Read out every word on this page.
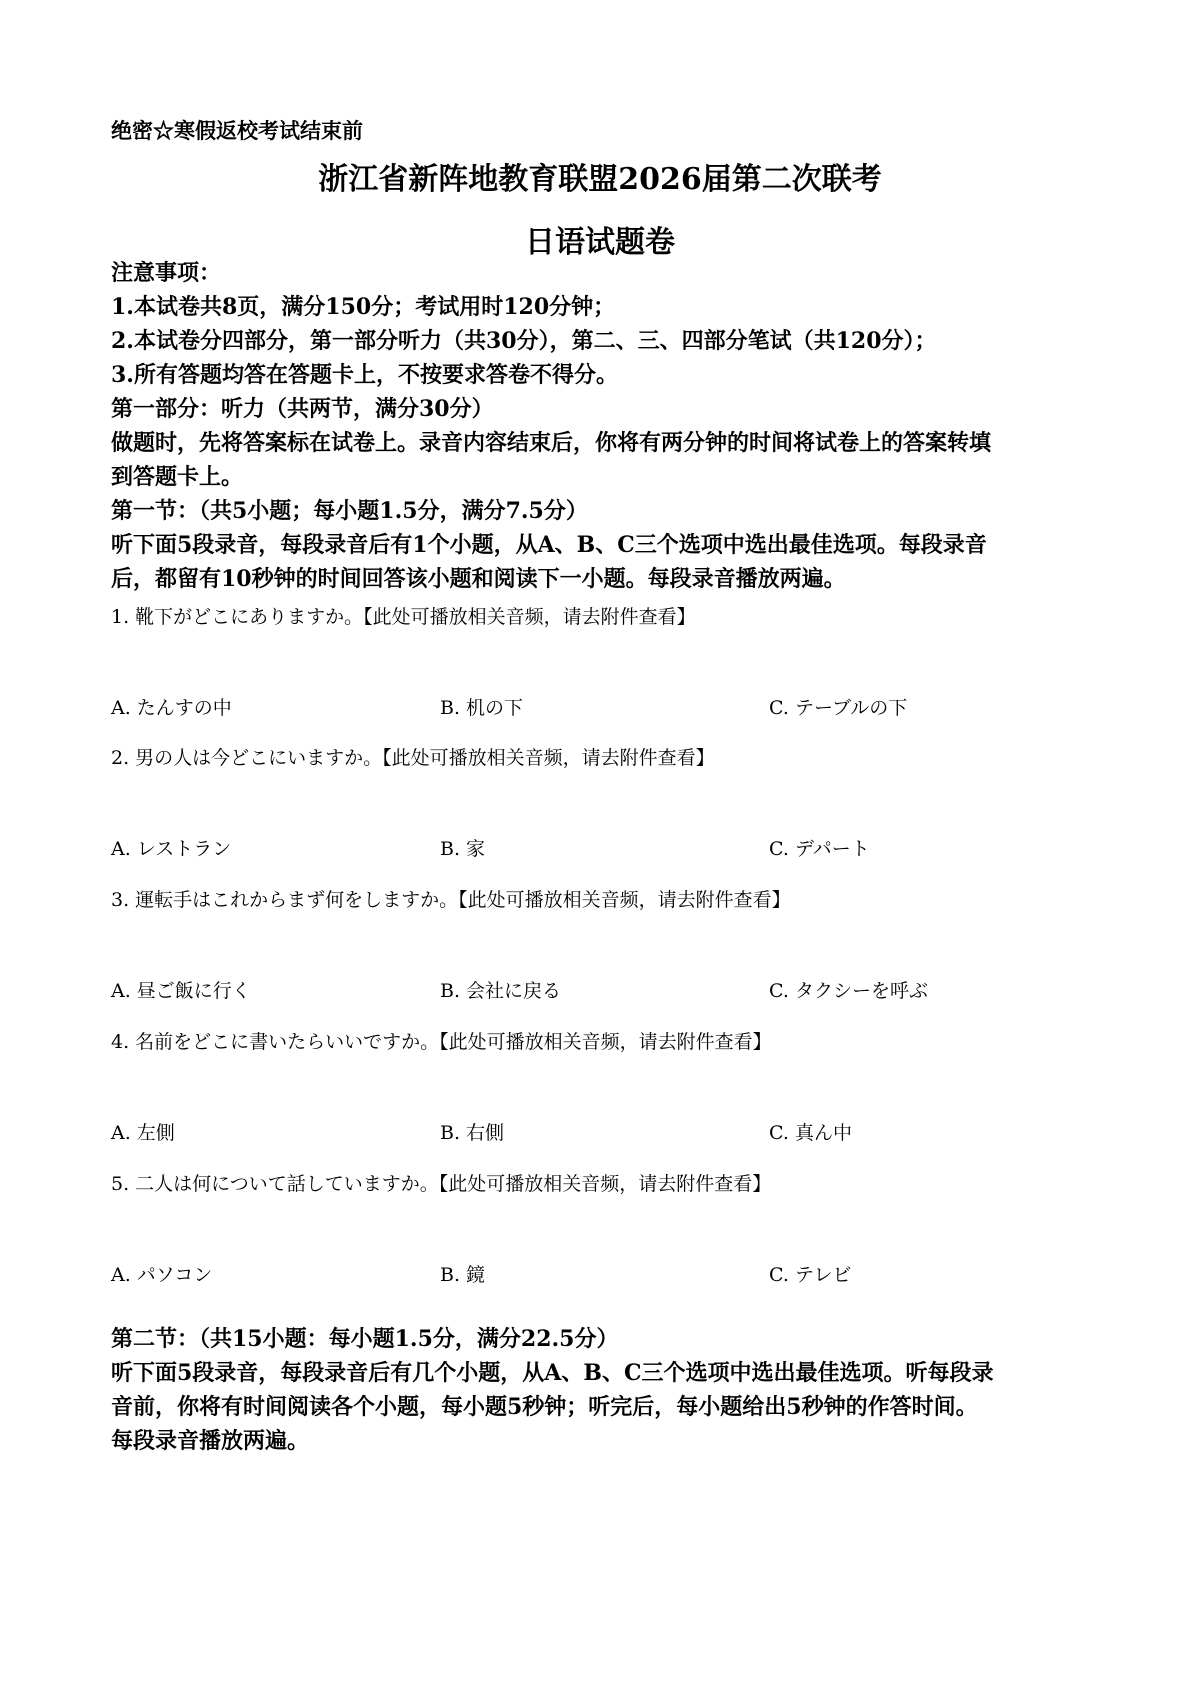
绝密☆寒假返校考试结束前
浙江省新阵地教育联盟2026届第二次联考
日语试题卷
注意事项：
1.本试卷共8页，满分150分；考试用时120分钟；
2.本试卷分四部分，第一部分听力（共30分），第二、三、四部分笔试（共120分）；
3.所有答题均答在答题卡上，不按要求答卷不得分。
第一部分：听力（共两节，满分30分）
做题时，先将答案标在试卷上。录音内容结束后，你将有两分钟的时间将试卷上的答案转填
到答题卡上。
第一节：（共5小题；每小题1.5分，满分7.5分）
听下面5段录音，每段录音后有1个小题，从A、B、C三个选项中选出最佳选项。每段录音
后，都留有10秒钟的时间回答该小题和阅读下一小题。每段录音播放两遍。
1. 靴下がどこにありますか。【此处可播放相关音频，请去附件查看】
A. たんすの中	B. 机の下	C. テーブルの下
2. 男の人は今どこにいますか。【此处可播放相关音频，请去附件查看】
A. レストラン	B. 家	C. デパート
3. 運転手はこれからまず何をしますか。【此处可播放相关音频，请去附件查看】
A. 昼ご飯に行く	B. 会社に戻る	C. タクシーを呼ぶ
4. 名前をどこに書いたらいいですか。【此处可播放相关音频，请去附件查看】
A. 左側	B. 右側	C. 真ん中
5. 二人は何について話していますか。【此处可播放相关音频，请去附件查看】
A. パソコン	B. 鏡	C. テレビ
第二节：（共15小题：每小题1.5分，满分22.5分）
听下面5段录音，每段录音后有几个小题，从A、B、C三个选项中选出最佳选项。听每段录
音前，你将有时间阅读各个小题，每小题5秒钟；听完后，每小题给出5秒钟的作答时间。
每段录音播放两遍。
